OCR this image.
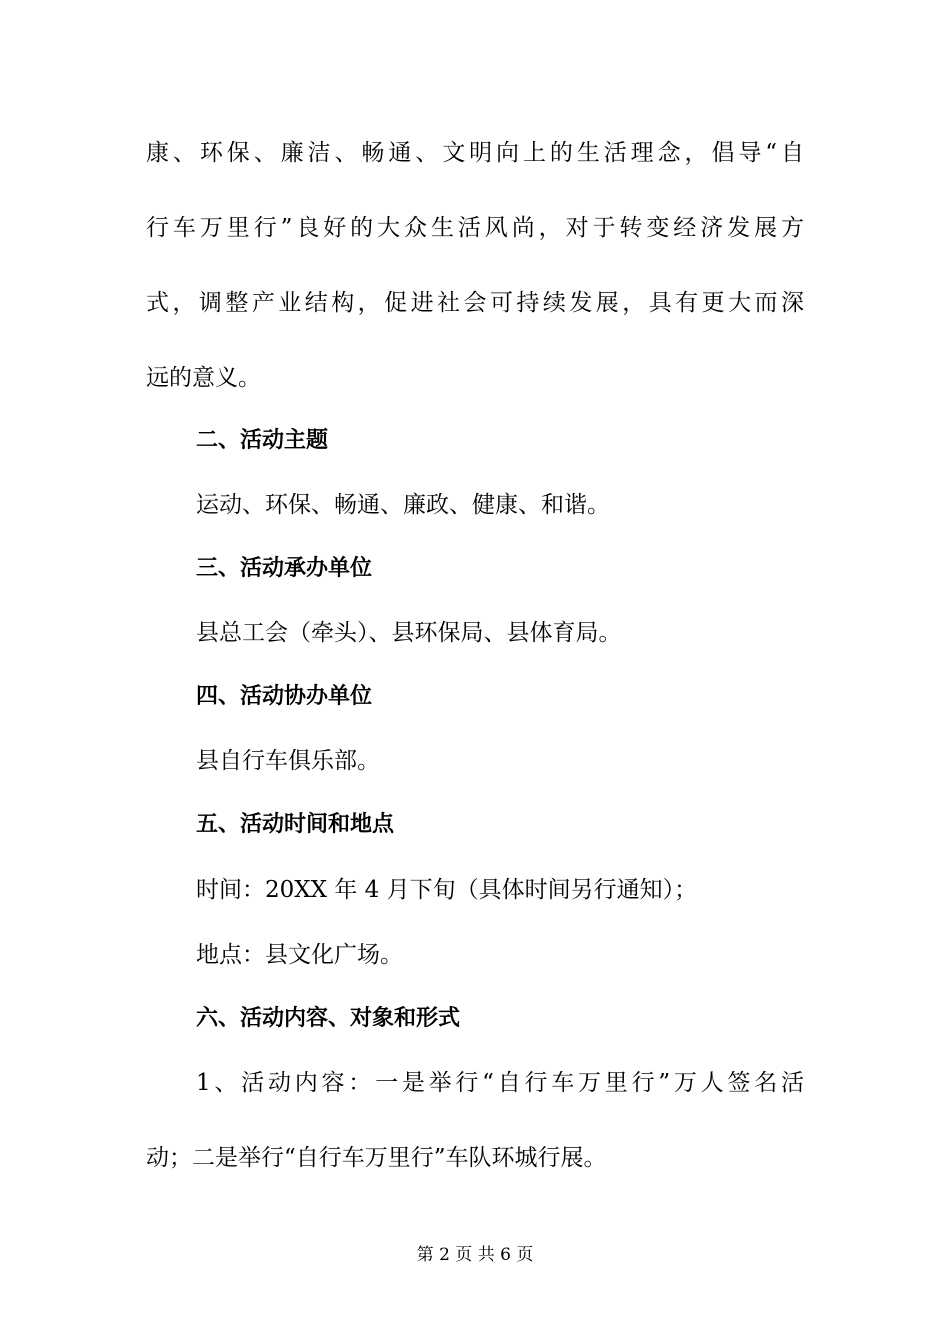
康、环保、廉洁、畅通、文明向上的生活理念，倡导“自
行车万里行”良好的大众生活风尚，对于转变经济发展方
式，调整产业结构，促进社会可持续发展，具有更大而深
远的意义。
二、活动主题
运动、环保、畅通、廉政、健康、和谐。
三、活动承办单位
县总工会（牵头）、县环保局、县体育局。
四、活动协办单位
县自行车俱乐部。
五、活动时间和地点
时间：20XX 年 4 月下旬（具体时间另行通知）；
地点：县文化广场。
六、活动内容、对象和形式
1、活动内容：一是举行“自行车万里行”万人签名活
动；二是举行“自行车万里行”车队环城行展。
第 2 页 共 6 页
